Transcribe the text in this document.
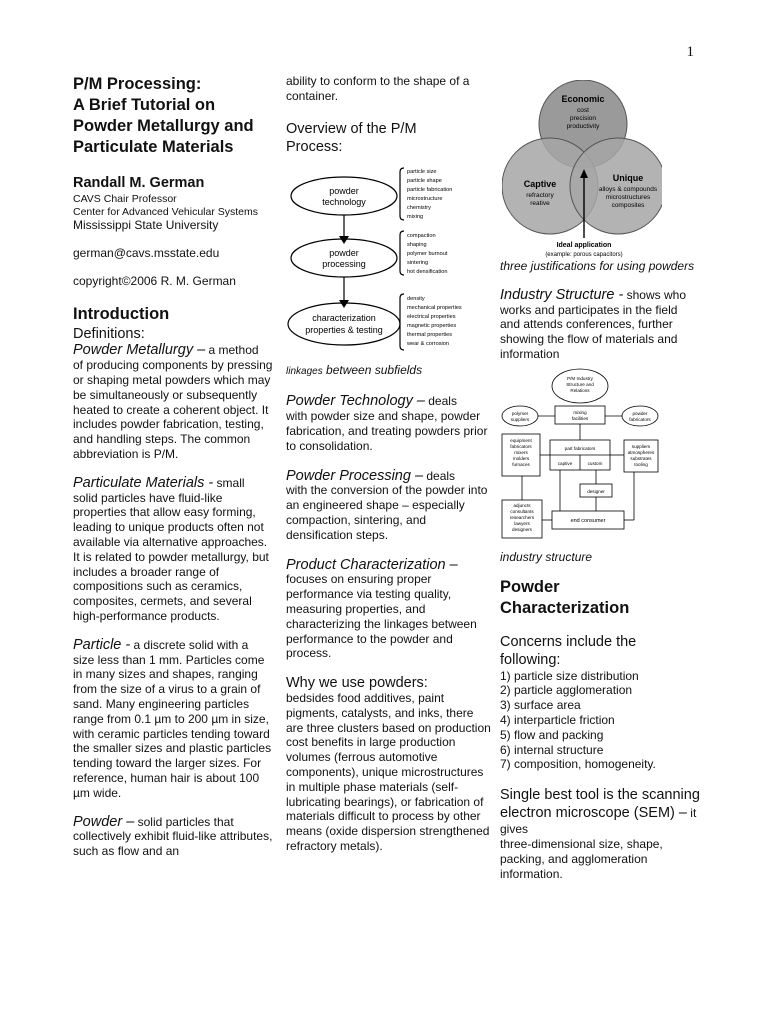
1
P/M Processing:
A Brief Tutorial on
Powder Metallurgy and
Particulate Materials

Randall M. German

CAVS Chair Professor

Center for Advanced Vehicular Systems

Mississippi State University

german@cavs.msstate.edu

copyright©2006 R. M. German

Introduction

Definitions:

Powder Metallurgy – a method
of producing components by pressing or shaping metal powders which may be simultaneously or subsequently heated to create a coherent object. It includes powder fabrication, testing, and handling steps. The common abbreviation is P/M.

Particulate Materials - small
solid particles have fluid-like properties that allow easy forming, leading to unique products often not available via alternative approaches. It is related to powder metallurgy, but includes a broader range of compositions such as ceramics, composites, cermets, and several high-performance products.

Particle - a discrete solid with a
size less than 1 mm. Particles come in many sizes and shapes, ranging from the size of a virus to a grain of sand. Many engineering particles range from 0.1 µm to 200 µm in size, with ceramic particles tending toward the smaller sizes and plastic particles tending toward the larger sizes. For reference, human hair is about 100 µm wide.

Powder – solid particles that
collectively exhibit fluid-like attributes, such as flow and an

ability to conform to the shape of a container.

Overview of the P/M Process:

powder
technology
powder
processing
characterization
properties & testing
particle size
particle shape
particle fabrication
microstructure
chemistry
mixing
compaction
shaping
polymer burnout
sintering
hot densification
density
mechanical properties
electrical properties
magnetic properties
thermal properties
wear & corrosion

linkages between subfields

Powder Technology – deals
with powder size and shape, powder fabrication, and treating powders prior to consolidation.

Powder Processing – deals
with the conversion of the powder into an engineered shape – especially compaction, sintering, and densification steps.

Product Characterization –
focuses on ensuring proper performance via testing quality, measuring properties, and characterizing the linkages between performance to the powder and process.

Why we use powders:
bedsides food additives, paint pigments, catalysts, and inks, there are three clusters based on production cost benefits in large production volumes (ferrous automotive components), unique microstructures in multiple phase materials (self-lubricating bearings), or fabrication of materials difficult to process by other means (oxide dispersion strengthened refractory metals).

Economic
cost
precision
productivity
Captive
refractory
reative
Unique
alloys & compounds
microstructures
composites
Ideal application
(example: porous capacitors)

three justifications for using powders

Industry Structure - shows who
works and participates in the field and attends conferences, further showing the flow of materials and information

P/M Industry
Structure and
Relations
polymer
suppliers
mixing
facilities
powder
fabricators
equipment
fabricators
mixers
molders
furnaces
part fabricators
captive	custom
suppliers
atmospheres
substrates
tooling
designer
adjuncts
consultants
researchers
lawyers
designers
end consumer

industry structure

Powder
Characterization

Concerns include the following:

1) particle size distribution
2) particle agglomeration
3) surface area
4) interparticle friction
5) flow and packing
6) internal structure
7) composition, homogeneity.

Single best tool is the scanning electron microscope (SEM) – it gives
three-dimensional size, shape, packing, and agglomeration information.
